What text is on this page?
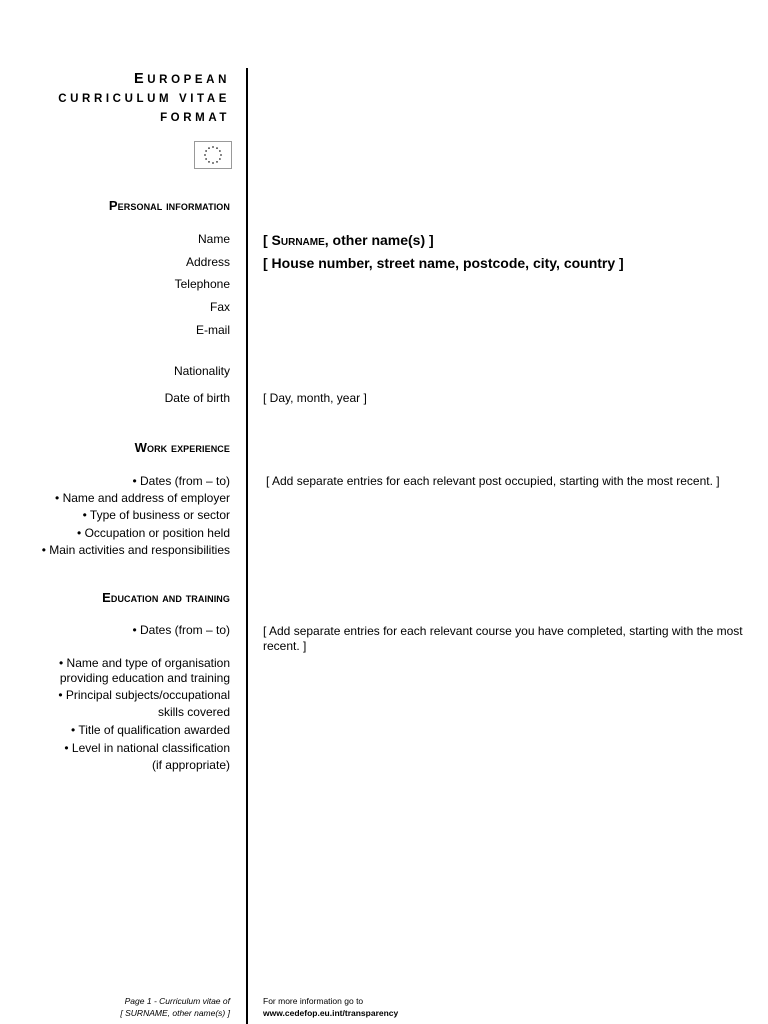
EUROPEAN
CURRICULUM VITAE
FORMAT
Personal information
Name
Address
Telephone
Fax
E-mail
Nationality
Date of birth
[ Surname, other name(s) ]
[ House number, street name, postcode, city, country ]
[ Day, month, year ]
Work experience
• Dates (from – to)
• Name and address of employer
• Type of business or sector
• Occupation or position held
• Main activities and responsibilities
[ Add separate entries for each relevant post occupied, starting with the most recent. ]
Education and training
• Dates (from – to)
• Name and type of organisation
providing education and training
• Principal subjects/occupational
skills covered
• Title of qualification awarded
• Level in national classification
(if appropriate)
[ Add separate entries for each relevant course you have completed, starting with the most
recent. ]
Page 1 - Curriculum vitae of
[ SURNAME, other name(s) ]
For more information go to
www.cedefop.eu.int/transparency
